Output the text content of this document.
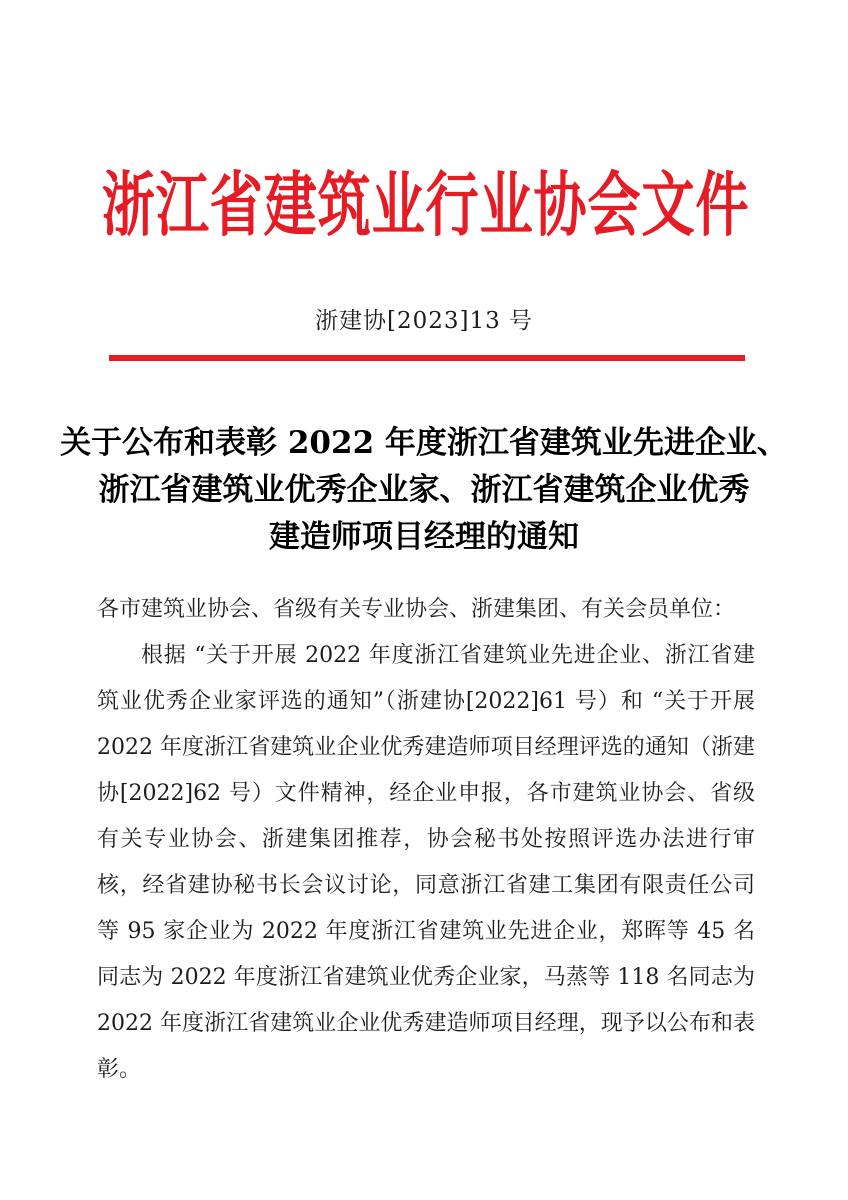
浙江省建筑业行业协会文件
浙建协[2023]13 号
关于公布和表彰 2022 年度浙江省建筑业先进企业、
浙江省建筑业优秀企业家、浙江省建筑企业优秀
建造师项目经理的通知

各市建筑业协会、省级有关专业协会、浙建集团、有关会员单位：

根据 “关于开展 2022 年度浙江省建筑业先进企业、浙江省建筑业优秀企业家评选的通知”（浙建协[2022]61 号）和 “关于开展 2022 年度浙江省建筑业企业优秀建造师项目经理评选的通知（浙建协[2022]62 号）文件精神，经企业申报，各市建筑业协会、省级有关专业协会、浙建集团推荐，协会秘书处按照评选办法进行审核，经省建协秘书长会议讨论，同意浙江省建工集团有限责任公司等 95 家企业为 2022 年度浙江省建筑业先进企业，郑晖等 45 名同志为 2022 年度浙江省建筑业优秀企业家，马蒸等 118 名同志为 2022 年度浙江省建筑业企业优秀建造师项目经理，现予以公布和表彰。
